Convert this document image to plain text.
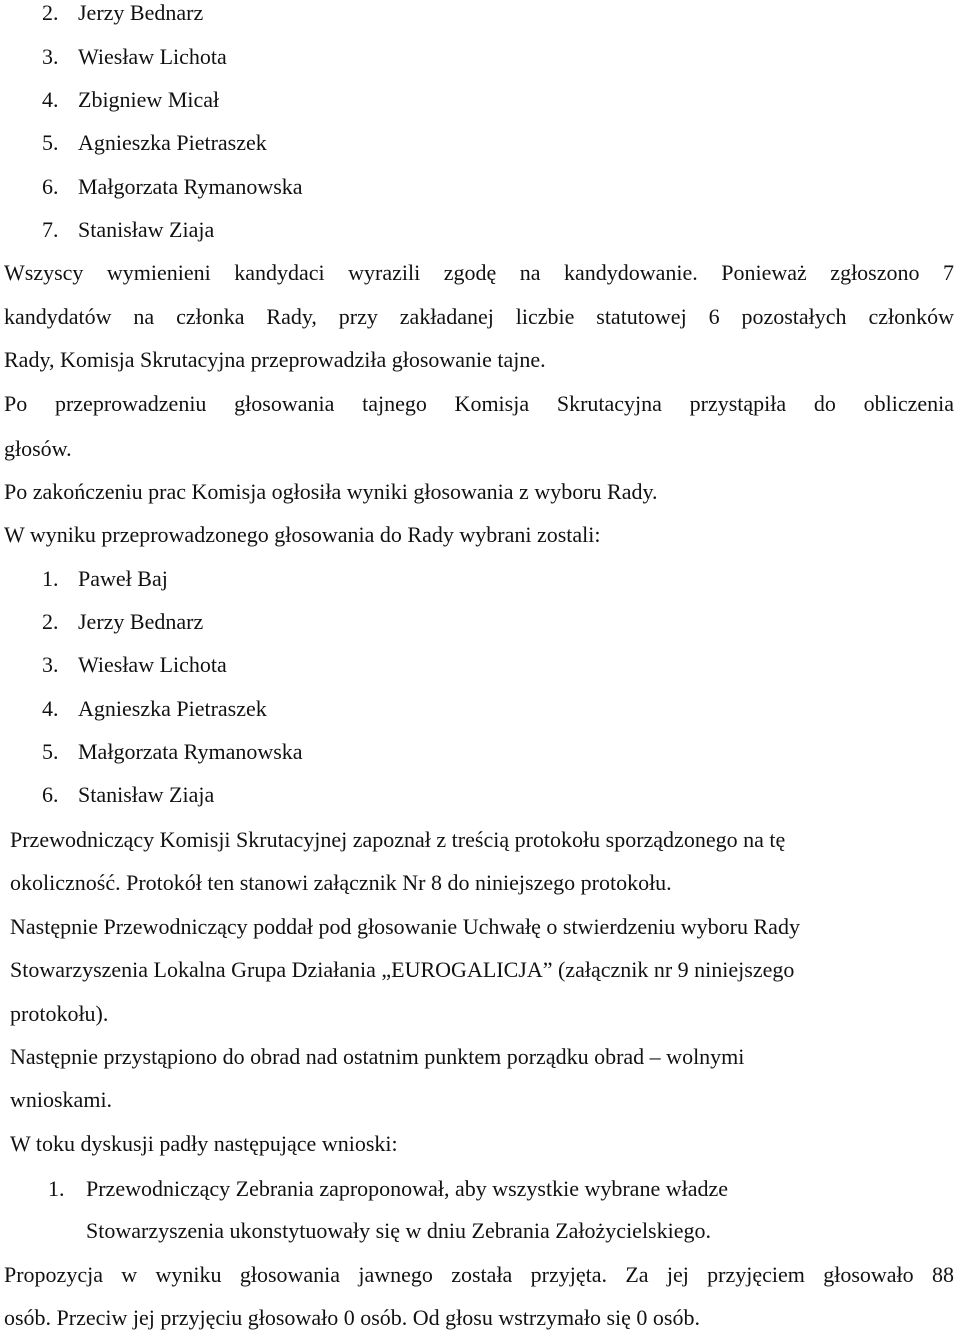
2. Jerzy Bednarz
3. Wiesław Lichota
4. Zbigniew Micał
5. Agnieszka Pietraszek
6. Małgorzata Rymanowska
7. Stanisław Ziaja
Wszyscy wymienieni kandydaci wyrazili zgodę na kandydowanie. Ponieważ zgłoszono 7
kandydatów na członka Rady, przy zakładanej liczbie statutowej 6 pozostałych członków
Rady, Komisja Skrutacyjna przeprowadziła głosowanie tajne.
Po przeprowadzeniu głosowania tajnego Komisja Skrutacyjna przystąpiła do obliczenia
głosów.
Po zakończeniu prac Komisja ogłosiła wyniki głosowania z wyboru Rady.
W wyniku przeprowadzonego głosowania do Rady wybrani zostali:
1. Paweł Baj
2. Jerzy Bednarz
3. Wiesław Lichota
4. Agnieszka Pietraszek
5. Małgorzata Rymanowska
6. Stanisław Ziaja
Przewodniczący Komisji Skrutacyjnej zapoznał z treścią protokołu sporządzonego na tę
okoliczność. Protokół ten stanowi załącznik Nr 8 do niniejszego protokołu.
Następnie Przewodniczący poddał pod głosowanie Uchwałę o stwierdzeniu wyboru Rady
Stowarzyszenia Lokalna Grupa Działania „EUROGALICJA” (załącznik nr 9 niniejszego
protokołu).
Następnie przystąpiono do obrad nad ostatnim punktem porządku obrad – wolnymi
wnioskami.
W toku dyskusji padły następujące wnioski:
1. Przewodniczący Zebrania zaproponował, aby wszystkie wybrane władze
Stowarzyszenia ukonstytuowały się w dniu Zebrania Założycielskiego.
Propozycja w wyniku głosowania jawnego została przyjęta. Za jej przyjęciem głosowało 88
osób. Przeciw jej przyjęciu głosowało 0 osób. Od głosu wstrzymało się 0 osób.
